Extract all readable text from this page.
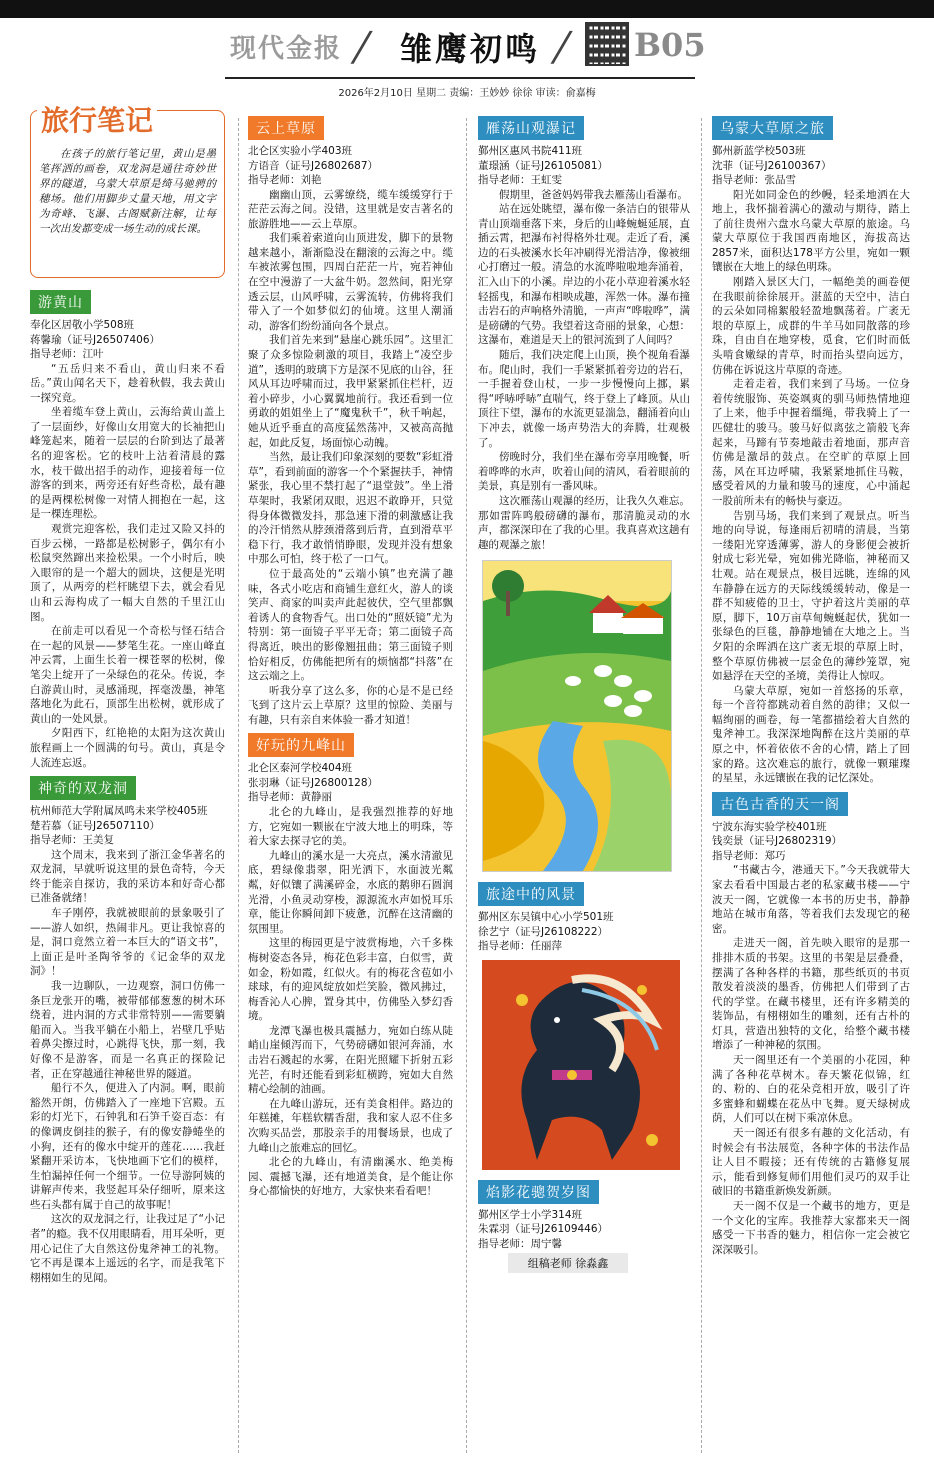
现代金报 / 雏鹰初鸣 / B05
2026年2月10日 星期二 责编：王妙妙 徐徐 审读：俞嘉梅
旅行笔记
在孩子的旅行笔记里，黄山是墨笔挥洒的画卷，双龙洞是通往奇妙世界的隧道，乌蒙大草原是绮马驰骋的穗场。他们用脚步丈量天地，用文字为奇峰、飞瀑、古阁赋新注解，让每一次出发都变成一场生动的成长课。
游黄山
奉化区居敬小学508班
蒋馨瑜（证号J26507406）
指导老师：江叶

“五岳归来不看山，黄山归来不看岳。”黄山闻名天下，趁着秋假，我去黄山一探究竟。

坐着缆车登上黄山，云海给黄山盖上了一层面纱，好像山女用宽大的长袖把山峰笼起来，随着一层层的台阶到达了最著名的迎客松。它的枝叶上沾着清晨的露水，枝干做出招手的动作，迎接着每一位游客的到来，两旁还有好些奇松，最有趣的是两棵松树像一对情人拥抱在一起，这是一棵连理松。

观赏完迎客松，我们走过又险又抖的百步云梯，一路都是松树影子，偶尔有小松鼠突然蹿出来捡松果。一个小时后，映入眼帘的是一个超大的圆块，这便是光明顶了，从两旁的栏杆眺望下去，就会看见山和云海构成了一幅大自然的千里江山图。

在前走可以看见一个奇松与怪石结合在一起的风景——梦笔生花。一座山峰直冲云霄，上面生长着一棵苍翠的松树，像笔尖上绽开了一朵绿色的花朵。传说，李白游黄山时，灵感涌现，挥毫泼墨，神笔落地化为此石，顶部生出松树，就形成了黄山的一处风景。

夕阳西下，红艳艳的太阳为这次黄山旅程画上一个圆满的句号。黄山，真是令人流连忘返。

神奇的双龙洞
杭州师范大学附属凤鸣未来学校405班
楚若慕（证号J26507110）
指导老师：王美复

这个周末，我来到了浙江金华著名的双龙洞，早就听说这里的景色奇特，今天终于能亲自探访，我的采访本和好奇心都已准备就绪！

车子刚停，我就被眼前的景象吸引了——游人如织，热闹非凡。更让我惊喜的是，洞口竟然立着一本巨大的“语文书”，上面正是叶圣陶爷爷的《记金华的双龙洞》！

我一边聊队，一边观察，洞口仿佛一条巨龙张开的嘴，被带郁郁葱葱的树木环绕着，进内洞的方式非常特别——需要躺船而入。当我平躺在小船上，岩壁几乎贴着鼻尖擦过时，心跳得飞快，那一刻，我好像不是游客，而是一名真正的探险记者，正在穿越通往神秘世界的隧道。

船行不久，便进入了内洞。啊，眼前豁然开朗，仿佛踏入了一座地下宫殿。五彩的灯光下，石钟乳和石笋千姿百态：有的像调皮倒挂的猴子，有的像安静蜷坐的小狗，还有的像水中绽开的莲花……我赶紧翻开采访本，飞快地画下它们的模样，生怕漏掉任何一个细节。一位导游阿姨的讲解声传来，我竖起耳朵仔细听，原来这些石头都有属于自己的故事呢！

这次的双龙洞之行，让我过足了“小记者”的瘾。我不仅用眼睛看，用耳朵听，更用心记住了大自然这份鬼斧神工的礼物。它不再是课本上遥远的名字，而是我笔下栩栩如生的见闻。

云上草原
北仑区实验小学403班
方语音（证号J26802687）
指导老师：刘艳

幽幽山顶，云雾缭绕，缆车缓缓穿行于茫茫云海之间。没错，这里就是安吉著名的旅游胜地——云上草原。

我们乘着索道向山顶进发，脚下的景物越来越小，渐渐隐没在翻滚的云海之中。缆车被浓雾包围，四周白茫茫一片，宛若神仙在空中漫游了一大盆牛奶。忽然间，阳光穿透云层，山风呼啸，云雾流转，仿佛将我们带入了一个如梦似幻的仙境。这里人潮涌动，游客们纷纷涌向各个景点。

我们首先来到“悬崖心跳乐园”。这里汇聚了众多惊险刺激的项目，我踏上“凌空步道”，透明的玻璃下方是深不见底的山谷，狂风从耳边呼啸而过，我甲紧紧抓住栏杆，迈着小碎步，小心翼翼地前行。我还看到一位勇敢的姐姐坐上了“魔鬼秋千”，秋千响起，她从近乎垂直的高度猛然荡冲，又被高高抛起，如此反复，场面惊心动魄。

当然，最让我们印象深刻的要数“彩虹滑草”，看到前面的游客一个个紧握扶手，神情紧张，我心里不禁打起了“退堂鼓”。坐上滑草架时，我紧闭双眼，迟迟不敢睁开，只觉得身体微微发抖，那急速下滑的刺激感让我的冷汗悄然从脖颈滑落到后背，直到滑草平稳下行，我才敢悄悄睁眼，发现并没有想象中那么可怕，终于松了一口气。

位于最高处的“云端小镇”也充满了趣味，各式小吃店和商铺生意红火，游人的谈笑声、商家的叫卖声此起彼伏，空气里都飘着诱人的食物香气。出口处的“照妖镜”尤为特别：第一面镜子平平无奇；第二面镜子高得离近，映出的影像翘扭曲；第三面镜子则恰好相反，仿佛能把所有的烦恼都“抖落”在这云端之上。

听我分享了这么多，你的心是不是已经飞到了这片云上草原？这里的惊险、美丽与有趣，只有亲自来体验一番才知道！

好玩的九峰山
北仑区泰河学校404班
张羽琳（证号J26800128）
指导老师：黄静丽

北仑的九峰山，是我强烈推荐的好地方，它宛如一颗嵌在宁波大地上的明珠，等着大家去探寻它的美。

九峰山的溪水是一大亮点，溪水清澈见底，碧绿像翡翠，阳光洒下，水面波光粼粼，好似镶了满溪碎金，水底的鹅卵石圆润光滑，小鱼灵动穿梭，源源流水声如悦耳乐章，能让你瞬间卸下疲惫，沉醉在这清幽的氛围里。

这里的梅园更是宁波赏梅地，六千多株梅树姿态各异，梅花色彩丰富，白似雪，黄如金，粉如霞，红似火。有的梅花含苞如小球球，有的迎风绽放如烂笑脸，微风拂过，梅香沁人心脾，置身其中，仿佛坠入梦幻香境。

龙潭飞瀑也极具震撼力，宛如白练从陡峭山崖倾泻而下，气势磅礴如银河奔涌，水击岩石溅起的水雾，在阳光照耀下折射五彩光芒，有时还能看到彩虹横跨，宛如大自然精心绘制的油画。

在九峰山游玩，还有美食相伴。路边的年糕摊，年糕软糯香甜，我和家人忍不住多次购买品尝，那股亲手的用餐场景，也成了九峰山之旅难忘的回忆。

北仑的九峰山，有清幽溪水、绝美梅园、震撼飞瀑，还有地道美食，是个能让你身心都愉快的好地方，大家快来看看吧！

雁荡山观瀑记
鄞州区惠风书院411班
董璟涵（证号J26105081）
指导老师：王虹雯

假期里，爸爸妈妈带我去雁荡山看瀑布。

站在远处眺望，瀑布像一条洁白的银带从青山顶端垂落下来，身后的山峰蜿蜒延展，直插云霄，把瀑布衬得格外壮观。走近了看，溪边的石头被溪水长年冲刷得光滑洁净，像被细心打磨过一般。清急的水流哗啦啦地奔涌着，汇入山下的小溪。岸边的小花小草迎着溪水轻轻摇曳，和瀑布相映成趣，浑然一体。瀑布撞击岩石的声响格外清脆，一声声“哗啦哗”，满是磅礴的气势。我望着这奇丽的景象，心想：这瀑布，难道是天上的银河流到了人间吗？

随后，我们决定爬上山顶，换个视角看瀑布。爬山时，我们一手紧紧抓着旁边的岩石，一手握着登山杖，一步一步慢慢向上挪，累得“呼哧呼哧”直喘气，终于登上了峰顶。从山顶往下望，瀑布的水流更显湍急，翻涌着向山下冲去，就像一场声势浩大的奔腾，壮观极了。

傍晚时分，我们坐在瀑布旁享用晚餐，听着哗哗的水声，吹着山间的清风，看着眼前的美景，真是别有一番风味。

这次雁荡山观瀑的经历，让我久久难忘。那如雷阵鸣般磅礴的瀑布，那清脆灵动的水声，都深深印在了我的心里。我真喜欢这趟有趣的观瀑之旅！

旅途中的风景
鄞州区东吴镇中心小学501班
徐艺宁（证号J26108222）
指导老师：任丽萍
焰影花骢贺岁图
鄞州区学士小学314班
朱霖羽（证号J26109446）
指导老师：周宁馨
组稿老师 徐淼鑫
乌蒙大草原之旅
鄞州新蓝学校503班
沈菲（证号J26100367）
指导老师：张品雪

阳光如同金色的纱幔，轻柔地洒在大地上，我怀揣着满心的激动与期待，踏上了前往贵州六盘水乌蒙大草原的旅途。乌蒙大草原位于我国西南地区，海拔高达2857米，面积达178平方公里，宛如一颗镶嵌在大地上的绿色明珠。

刚踏入景区大门，一幅绝美的画卷便在我眼前徐徐展开。湛蓝的天空中，洁白的云朵如同棉絮般轻盈地飘荡着。广袤无垠的草原上，成群的牛羊马如同散落的珍珠，自由自在地穿梭，觅食，它们时而低头啃食嫩绿的青草，时而抬头望向远方，仿佛在诉说这片草原的奇迹。

走着走着，我们来到了马场。一位身着传统服饰、英姿飒爽的驯马师热情地迎了上来，他手中握着缰绳，带我骑上了一匹健壮的骏马。骏马好似离弦之箭般飞奔起来，马蹄有节奏地敲击着地面，那声音仿佛是激昂的鼓点。在空旷的草原上回荡，风在耳边呼啸，我紧紧地抓住马鞍，感受着风的力量和骏马的速度，心中涌起一股前所未有的畅快与豪迈。

告别马场，我们来到了观景点。听当地的向导说，每逢雨后初晴的清晨，当第一缕阳光穿透薄雾，游人的身影便会被折射成七彩光晕，宛如佛光降临，神秘而又壮观。站在观景点，极目远眺，连绵的风车静静在远方的天际线缓缓转动，像是一群不知疲倦的卫士，守护着这片美丽的草原，脚下，10万亩草甸蜿蜒起伏，犹如一张绿色的巨毯，静静地铺在大地之上。当夕阳的余晖洒在这广袤无垠的草原上时，整个草原仿佛被一层金色的薄纱笼罩，宛如悬浮在天空的圣境，美得让人惊叹。

乌蒙大草原，宛如一首悠扬的乐章，每一个音符都跳动着自然的韵律；又似一幅绚丽的画卷，每一笔都描绘着大自然的鬼斧神工。我深深地陶醉在这片美丽的草原之中，怀着依依不舍的心情，踏上了回家的路。这次难忘的旅行，就像一颗璀璨的星星，永远镶嵌在我的记忆深处。

古色古香的天一阁
宁波东海实验学校401班
钱奕景（证号J26802319）
指导老师：郑巧

“书藏古今，港通天下。”今天我就带大家去看看中国最古老的私家藏书楼——宁波天一阁，它就像一本书的历史书，静静地站在城市角落，等着我们去发现它的秘密。

走进天一阁，首先映入眼帘的是那一排排木质的书架。这里的书架是层叠叠，摆满了各种各样的书籍，那些纸页的书页散发着淡淡的墨香，仿佛把人们带到了古代的学堂。在藏书楼里，还有许多精美的装饰品，有栩栩如生的雕刻，还有古朴的灯具，营造出独特的文化，给整个藏书楼增添了一种神秘的氛围。

天一阁里还有一个美丽的小花园，种满了各种花草树木。春天繁花似锦，红的、粉的、白的花朵竞相开放，吸引了许多蜜蜂和蝴蝶在花丛中飞舞。夏天绿树成荫，人们可以在树下乘凉休息。

天一阁还有很多有趣的文化活动，有时候会有书法展览，各种字体的书法作品让人目不暇接；还有传统的古籍修复展示，能看到修复师们用他们灵巧的双手让破旧的书籍重新焕发新颜。

天一阁不仅是一个藏书的地方，更是一个文化的宝库。我推荐大家都来天一阁感受一下书香的魅力，相信你一定会被它深深吸引。
